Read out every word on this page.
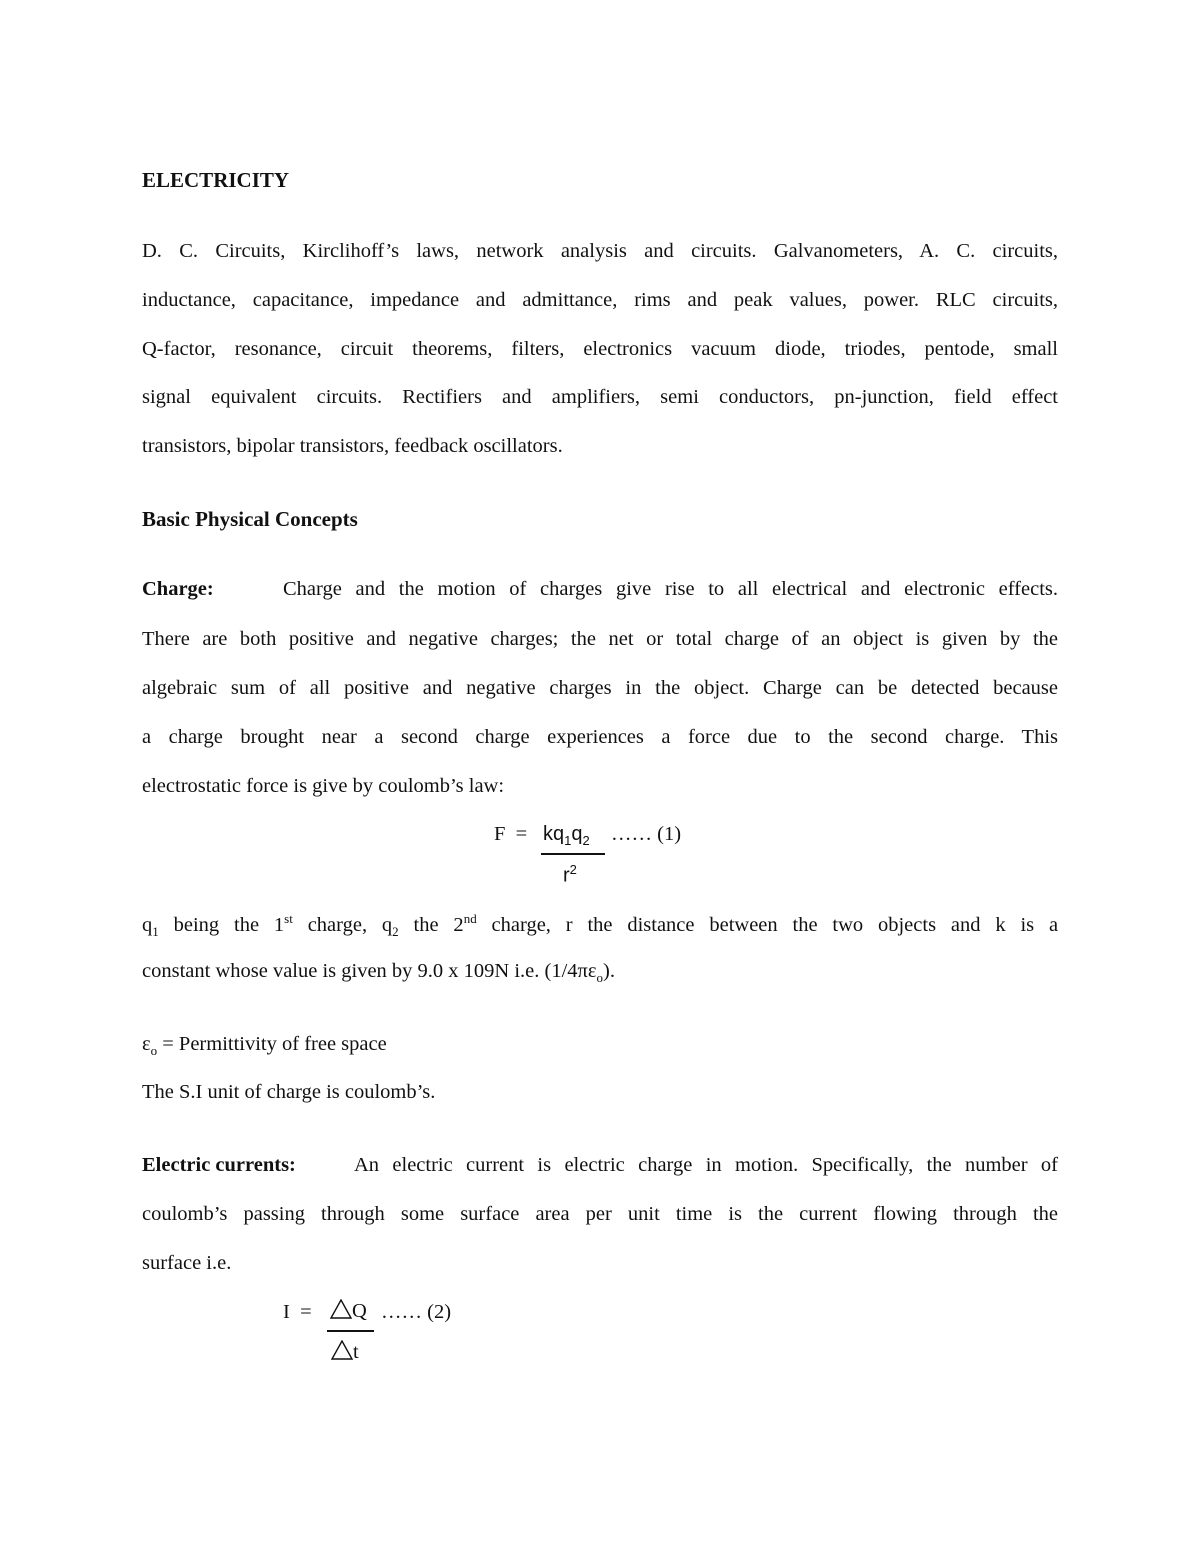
ELECTRICITY
D. C. Circuits, Kirclihoff’s laws, network analysis and circuits. Galvanometers, A. C. circuits,
inductance, capacitance, impedance and admittance, rims and peak values, power. RLC circuits,
Q-factor, resonance, circuit theorems, filters, electronics vacuum diode, triodes, pentode, small
signal equivalent circuits. Rectifiers and amplifiers, semi conductors, pn-junction, field effect
transistors, bipolar transistors, feedback oscillators.
Basic Physical Concepts
Charge:	Charge and the motion of charges give rise to all electrical and electronic effects.
There are both positive and negative charges; the net or total charge of an object is given by the
algebraic sum of all positive and negative charges in the object. Charge can be detected because
a charge brought near a second charge experiences a force due to the second charge. This
electrostatic force is give by coulomb’s law:
$F = kq_1q_2$ …… (1)
$r^2$
$q_1$ being the 1st charge, $q_2$ the 2nd charge, r the distance between the two objects and k is a
constant whose value is given by 9.0 x 109N i.e. $(1/4\pi\varepsilon_o)$.
$\varepsilon_o$ = Permittivity of free space
The S.I unit of charge is coulomb’s.
Electric currents:	An electric current is electric charge in motion. Specifically, the number of
coulomb’s passing through some surface area per unit time is the current flowing through the
surface i.e.
I =	Q …… (2)
t
